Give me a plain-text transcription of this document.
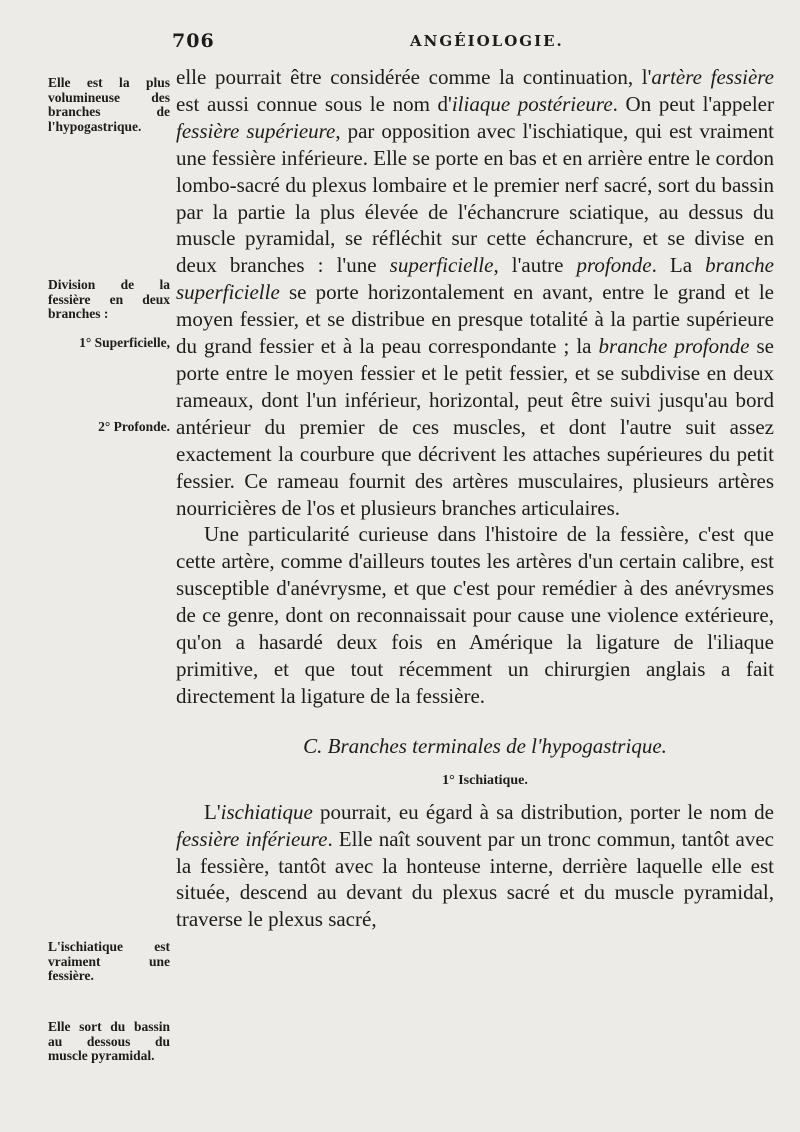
706	ANGÉIOLOGIE.
Elle est la plus volumineuse des branches de l'hypogastrique.
Division de la fessière en deux branches :
1° Superficielle,
2° Profonde.
L'ischiatique est vraiment une fessière.
Elle sort du bassin au dessous du muscle pyramidal.

elle pourrait être considérée comme la continuation, l'artère fessière est aussi connue sous le nom d'iliaque postérieure. On peut l'appeler fessière supérieure, par opposition avec l'ischiatique, qui est vraiment une fessière inférieure. Elle se porte en bas et en arrière entre le cordon lombo-sacré du plexus lombaire et le premier nerf sacré, sort du bassin par la partie la plus élevée de l'échancrure sciatique, au dessus du muscle pyramidal, se réfléchit sur cette échancrure, et se divise en deux branches : l'une superficielle, l'autre profonde. La branche superficielle se porte horizontalement en avant, entre le grand et le moyen fessier, et se distribue en presque totalité à la partie supérieure du grand fessier et à la peau correspondante ; la branche profonde se porte entre le moyen fessier et le petit fessier, et se subdivise en deux rameaux, dont l'un inférieur, horizontal, peut être suivi jusqu'au bord antérieur du premier de ces muscles, et dont l'autre suit assez exactement la courbure que décrivent les attaches supérieures du petit fessier. Ce rameau fournit des artères musculaires, plusieurs artères nourricières de l'os et plusieurs branches articulaires.

Une particularité curieuse dans l'histoire de la fessière, c'est que cette artère, comme d'ailleurs toutes les artères d'un certain calibre, est susceptible d'anévrysme, et que c'est pour remédier à des anévrysmes de ce genre, dont on reconnaissait pour cause une violence extérieure, qu'on a hasardé deux fois en Amérique la ligature de l'iliaque primitive, et que tout récemment un chirurgien anglais a fait directement la ligature de la fessière.

C. Branches terminales de l'hypogastrique.
1° Ischiatique.

L'ischiatique pourrait, eu égard à sa distribution, porter le nom de fessière inférieure. Elle naît souvent par un tronc commun, tantôt avec la fessière, tantôt avec la honteuse interne, derrière laquelle elle est située, descend au devant du plexus sacré et du muscle pyramidal, traverse le plexus sacré,
